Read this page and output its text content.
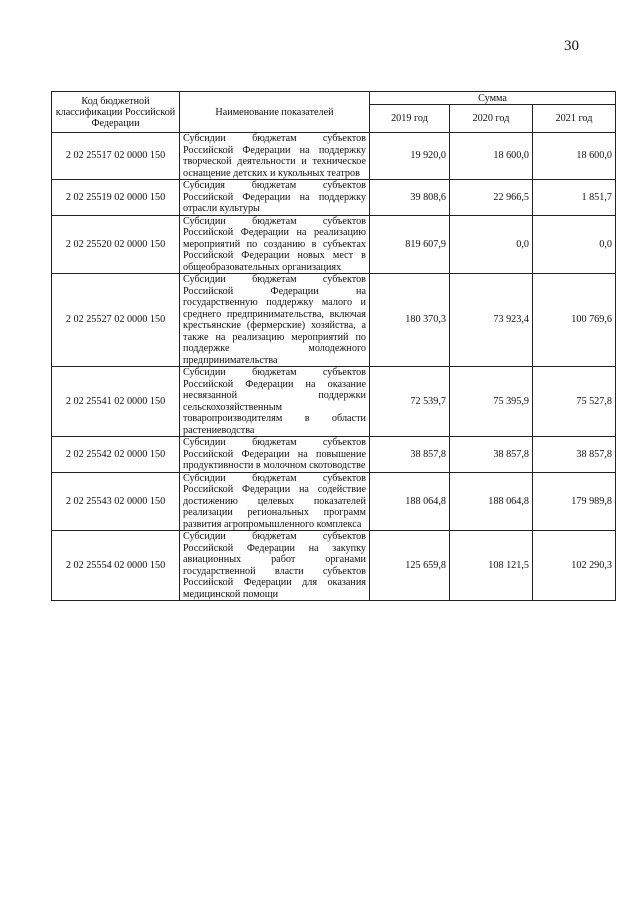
30
Код бюджетной классификации Российской Федерации	Наименование показателей	Сумма		
		2019 год	2020 год	2021 год
2 02 25517 02 0000 150	Субсидии бюджетам субъектов Российской Федерации на поддержку творческой деятельности и техническое оснащение детских и кукольных театров	19 920,0	18 600,0	18 600,0
2 02 25519 02 0000 150	Субсидия бюджетам субъектов Российской Федерации на поддержку отрасли культуры	39 808,6	22 966,5	1 851,7
2 02 25520 02 0000 150	Субсидии бюджетам субъектов Российской Федерации на реализацию мероприятий по созданию в субъектах Российской Федерации новых мест в общеобразовательных организациях	819 607,9	0,0	0,0
2 02 25527 02 0000 150	Субсидии бюджетам субъектов Российской Федерации на государственную поддержку малого и среднего предпринимательства, включая крестьянские (фермерские) хозяйства, а также на реализацию мероприятий по поддержке молодежного предпринимательства	180 370,3	73 923,4	100 769,6
2 02 25541 02 0000 150	Субсидии бюджетам субъектов Российской Федерации на оказание несвязанной поддержки сельскохозяйственным товаропроизводителям в области растениеводства	72 539,7	75 395,9	75 527,8
2 02 25542 02 0000 150	Субсидии бюджетам субъектов Российской Федерации на повышение продуктивности в молочном скотоводстве	38 857,8	38 857,8	38 857,8
2 02 25543 02 0000 150	Субсидии бюджетам субъектов Российской Федерации на содействие достижению целевых показателей реализации региональных программ развития агропромышленного комплекса	188 064,8	188 064,8	179 989,8
2 02 25554 02 0000 150	Субсидии бюджетам субъектов Российской Федерации на закупку авиационных работ органами государственной власти субъектов Российской Федерации для оказания медицинской помощи	125 659,8	108 121,5	102 290,3
